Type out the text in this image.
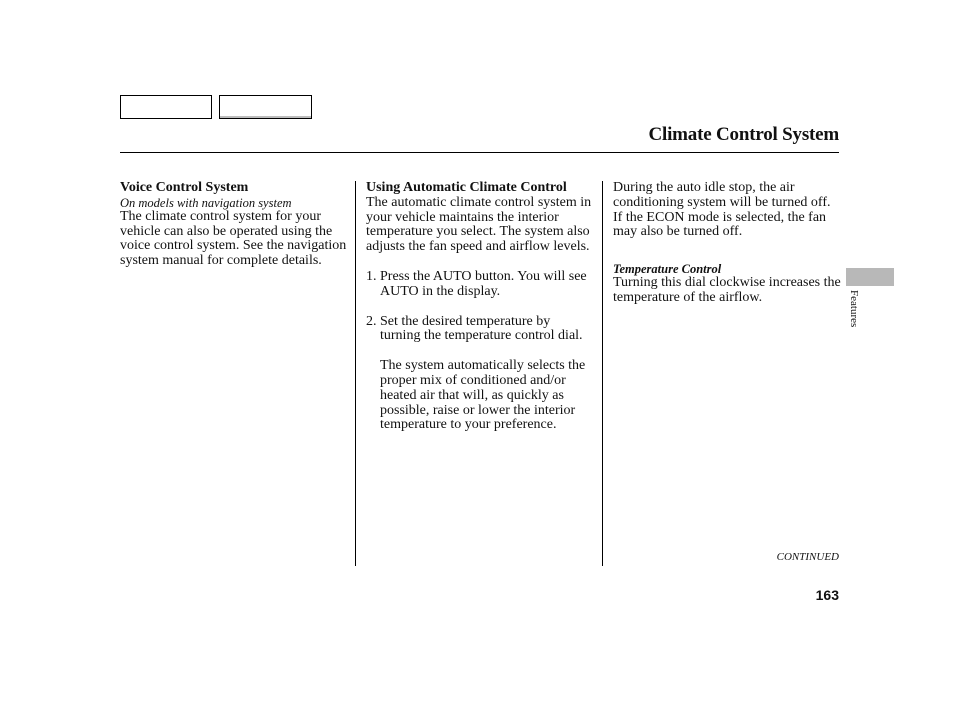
Climate Control System
Voice Control System
On models with navigation system

The climate control system for your vehicle can also be operated using the voice control system. See the navigation system manual for complete details.

Using Automatic Climate Control

The automatic climate control system in your vehicle maintains the interior temperature you select. The system also adjusts the fan speed and airflow levels.

1. Press the AUTO button. You will see AUTO in the display.
2. Set the desired temperature by turning the temperature control dial.

The system automatically selects the proper mix of conditioned and/or heated air that will, as quickly as possible, raise or lower the interior temperature to your preference.

During the auto idle stop, the air conditioning system will be turned off. If the ECON mode is selected, the fan may also be turned off.

Temperature Control

Turning this dial clockwise increases the temperature of the airflow.	Features
CONTINUED
163
